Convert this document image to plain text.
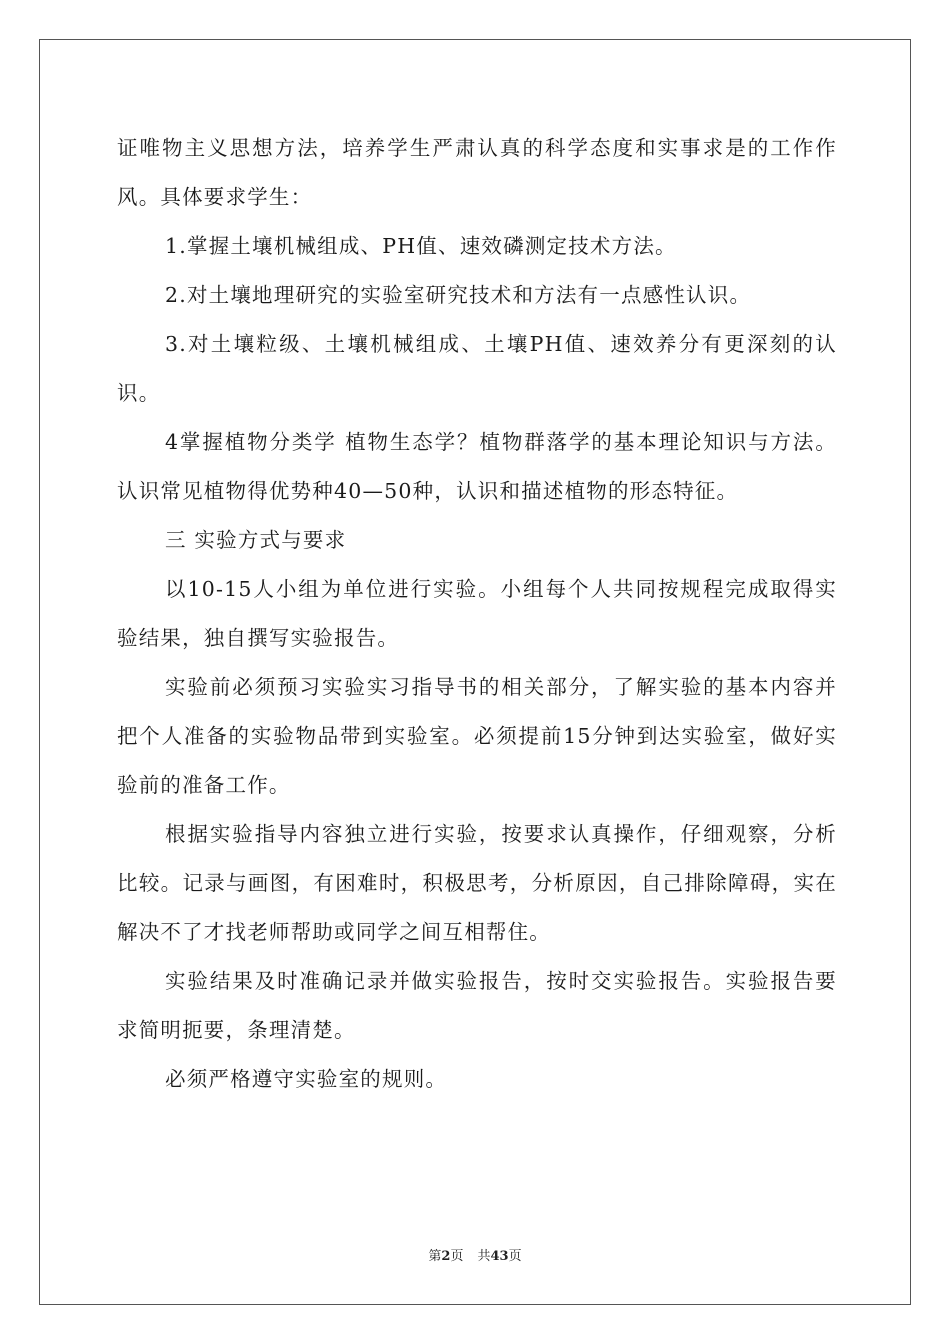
证唯物主义思想方法，培养学生严肃认真的科学态度和实事求是的工作作风。具体要求学生：

1.掌握土壤机械组成、PH值、速效磷测定技术方法。

2.对土壤地理研究的实验室研究技术和方法有一点感性认识。

3.对土壤粒级、土壤机械组成、土壤PH值、速效养分有更深刻的认识。

4掌握植物分类学 植物生态学？植物群落学的基本理论知识与方法。认识常见植物得优势种40—50种，认识和描述植物的形态特征。

三 实验方式与要求

以10-15人小组为单位进行实验。小组每个人共同按规程完成取得实验结果，独自撰写实验报告。

实验前必须预习实验实习指导书的相关部分，了解实验的基本内容并把个人准备的实验物品带到实验室。必须提前15分钟到达实验室，做好实验前的准备工作。

根据实验指导内容独立进行实验，按要求认真操作，仔细观察，分析比较。记录与画图，有困难时，积极思考，分析原因，自己排除障碍，实在解决不了才找老师帮助或同学之间互相帮住。

实验结果及时准确记录并做实验报告，按时交实验报告。实验报告要求简明扼要，条理清楚。

必须严格遵守实验室的规则。

第2页 共43页
